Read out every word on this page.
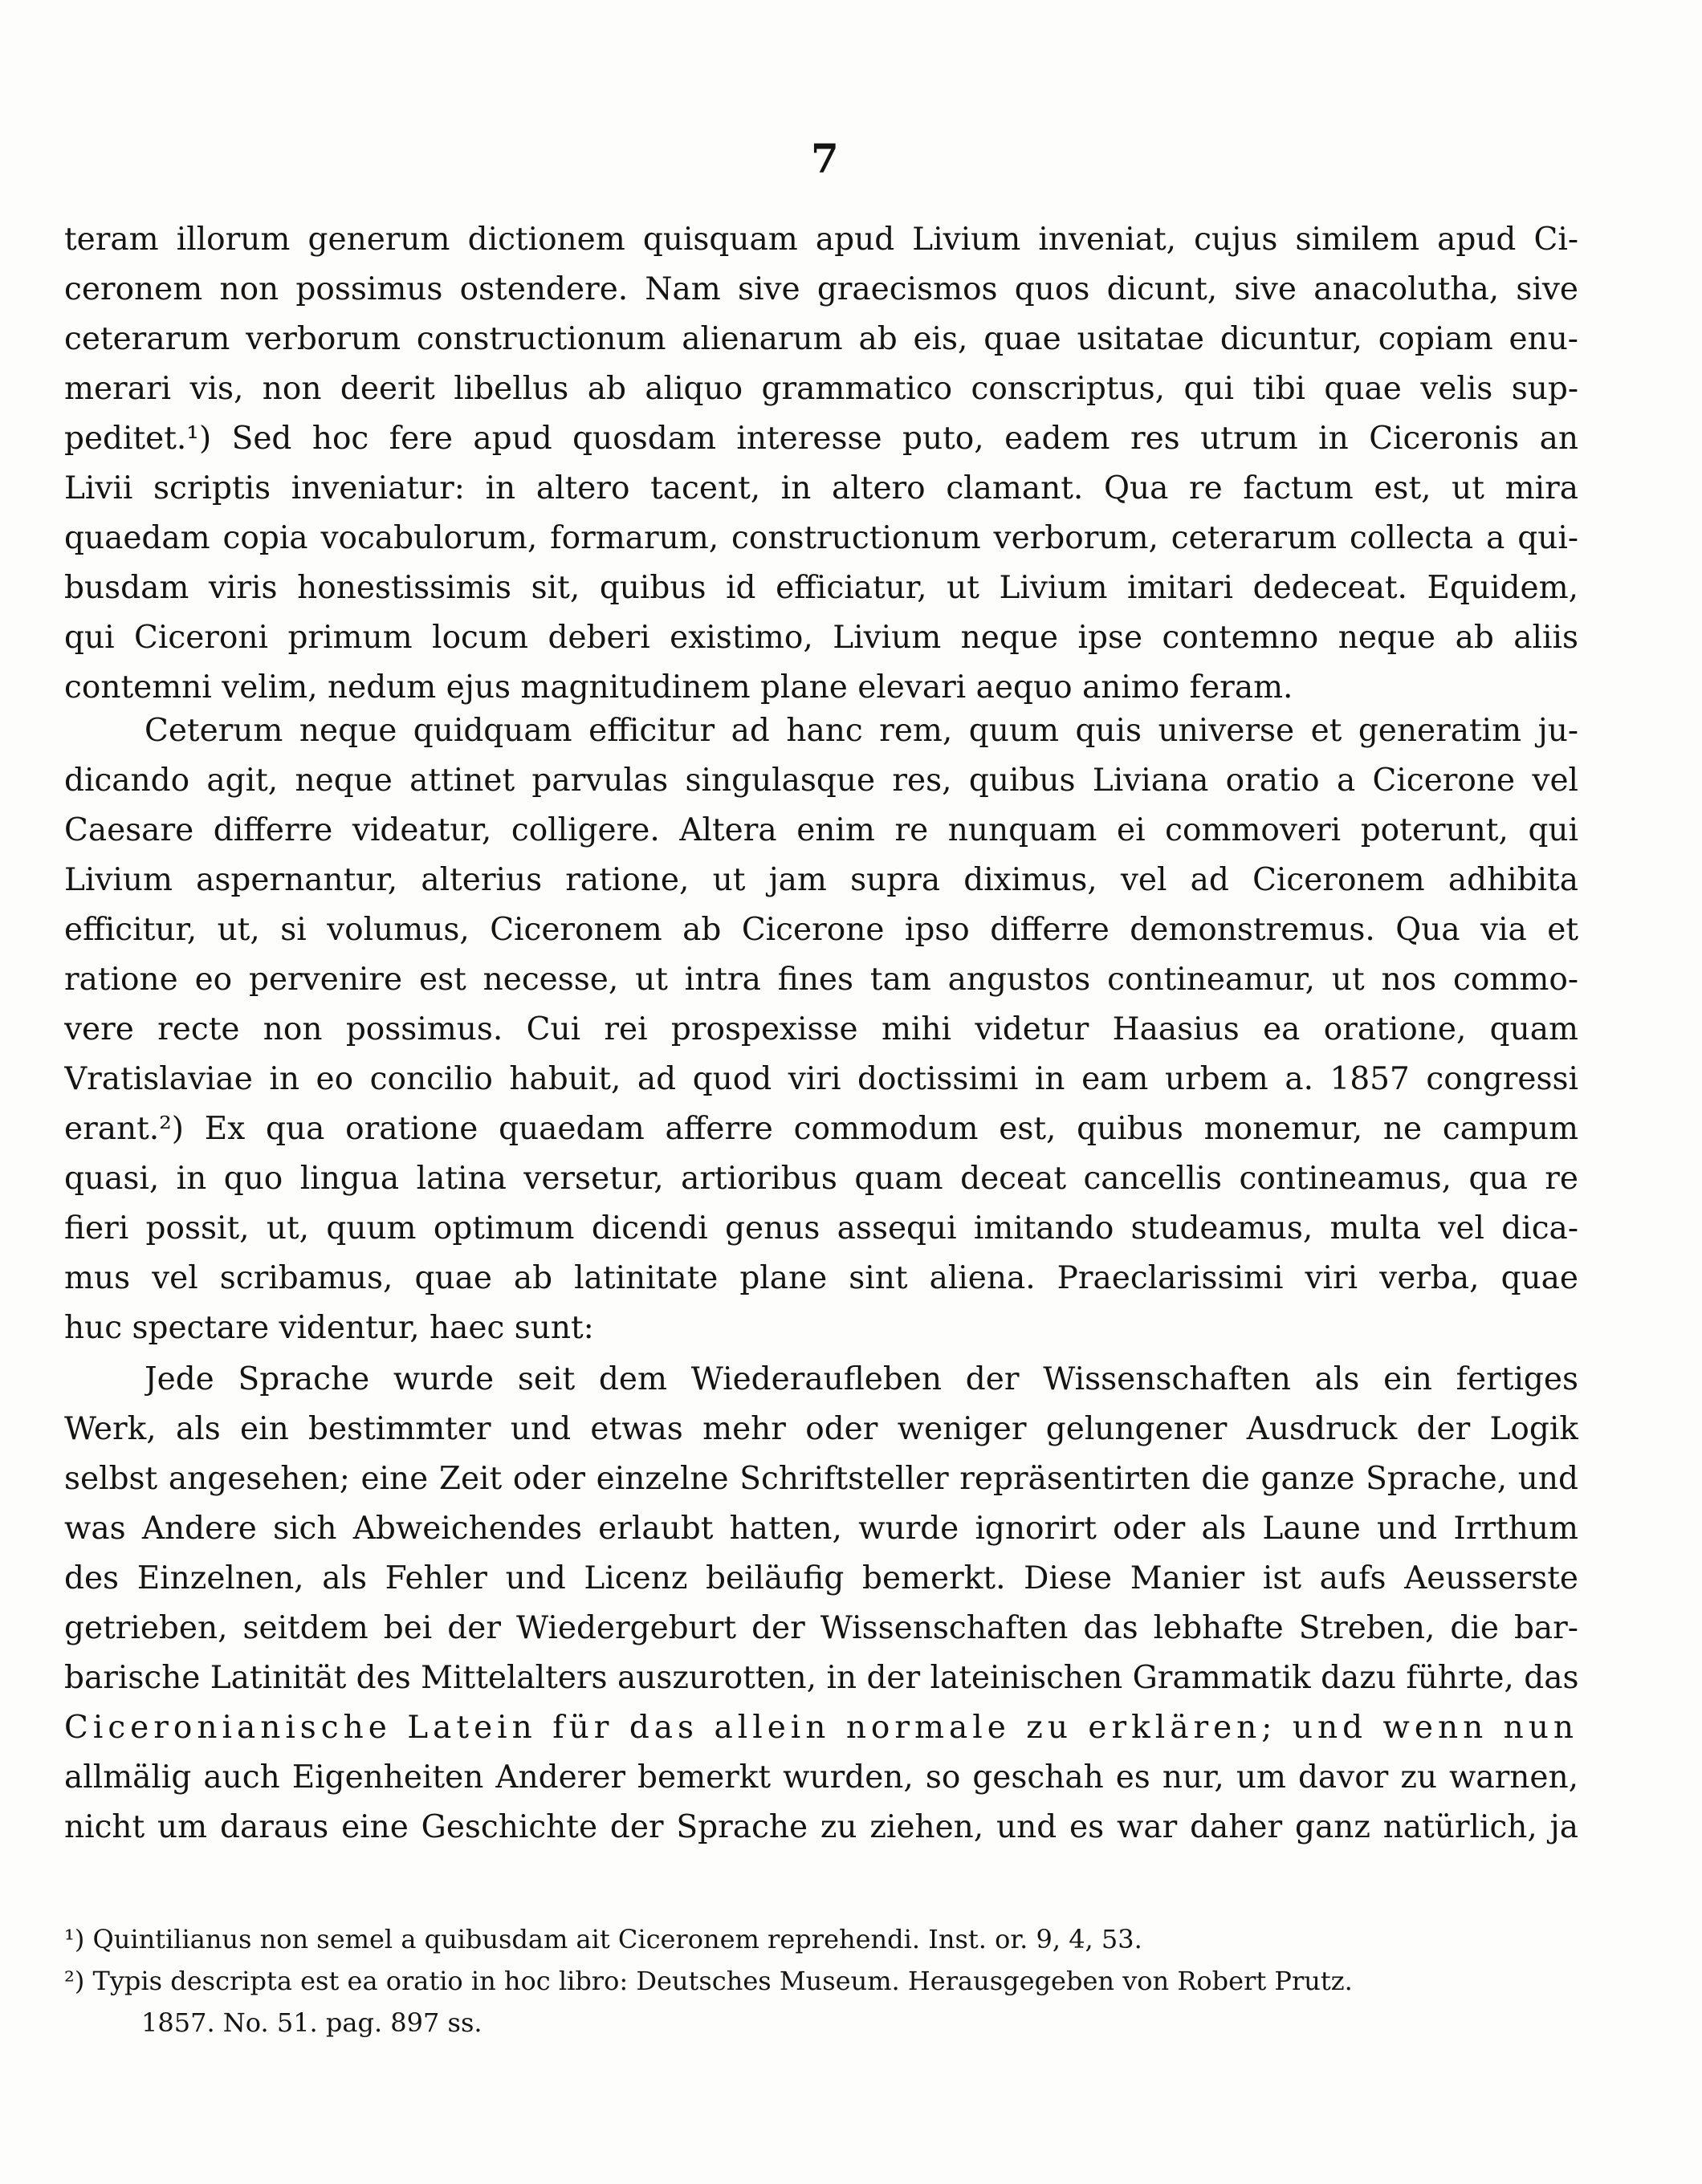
7
teram illorum generum dictionem quisquam apud Livium inveniat, cujus similem apud Ci-
ceronem non possimus ostendere. Nam sive graecismos quos dicunt, sive anacolutha, sive
ceterarum verborum constructionum alienarum ab eis, quae usitatae dicuntur, copiam enu-
merari vis, non deerit libellus ab aliquo grammatico conscriptus, qui tibi quae velis sup-
peditet.¹) Sed hoc fere apud quosdam interesse puto, eadem res utrum in Ciceronis an
Livii scriptis inveniatur: in altero tacent, in altero clamant. Qua re factum est, ut mira
quaedam copia vocabulorum, formarum, constructionum verborum, ceterarum collecta a qui-
busdam viris honestissimis sit, quibus id efficiatur, ut Livium imitari dedeceat. Equidem,
qui Ciceroni primum locum deberi existimo, Livium neque ipse contemno neque ab aliis
contemni velim, nedum ejus magnitudinem plane elevari aequo animo feram.
Ceterum neque quidquam efficitur ad hanc rem, quum quis universe et generatim ju-
dicando agit, neque attinet parvulas singulasque res, quibus Liviana oratio a Cicerone vel
Caesare differre videatur, colligere. Altera enim re nunquam ei commoveri poterunt, qui
Livium aspernantur, alterius ratione, ut jam supra diximus, vel ad Ciceronem adhibita
efficitur, ut, si volumus, Ciceronem ab Cicerone ipso differre demonstremus. Qua via et
ratione eo pervenire est necesse, ut intra fines tam angustos contineamur, ut nos commo-
vere recte non possimus. Cui rei prospexisse mihi videtur Haasius ea oratione, quam
Vratislaviae in eo concilio habuit, ad quod viri doctissimi in eam urbem a. 1857 congressi
erant.²) Ex qua oratione quaedam afferre commodum est, quibus monemur, ne campum
quasi, in quo lingua latina versetur, artioribus quam deceat cancellis contineamus, qua re
fieri possit, ut, quum optimum dicendi genus assequi imitando studeamus, multa vel dica-
mus vel scribamus, quae ab latinitate plane sint aliena. Praeclarissimi viri verba, quae
huc spectare videntur, haec sunt:
Jede Sprache wurde seit dem Wiederaufleben der Wissenschaften als ein fertiges
Werk, als ein bestimmter und etwas mehr oder weniger gelungener Ausdruck der Logik
selbst angesehen; eine Zeit oder einzelne Schriftsteller repräsentirten die ganze Sprache, und
was Andere sich Abweichendes erlaubt hatten, wurde ignorirt oder als Laune und Irrthum
des Einzelnen, als Fehler und Licenz beiläufig bemerkt. Diese Manier ist aufs Aeusserste
getrieben, seitdem bei der Wiedergeburt der Wissenschaften das lebhafte Streben, die bar-
barische Latinität des Mittelalters auszurotten, in der lateinischen Grammatik dazu führte, das
Ciceronianische Latein für das allein normale zu erklären; und wenn nun
allmälig auch Eigenheiten Anderer bemerkt wurden, so geschah es nur, um davor zu warnen,
nicht um daraus eine Geschichte der Sprache zu ziehen, und es war daher ganz natürlich, ja
¹) Quintilianus non semel a quibusdam ait Ciceronem reprehendi. Inst. or. 9, 4, 53.
²) Typis descripta est ea oratio in hoc libro: Deutsches Museum. Herausgegeben von Robert Prutz.
1857. No. 51. pag. 897 ss.
